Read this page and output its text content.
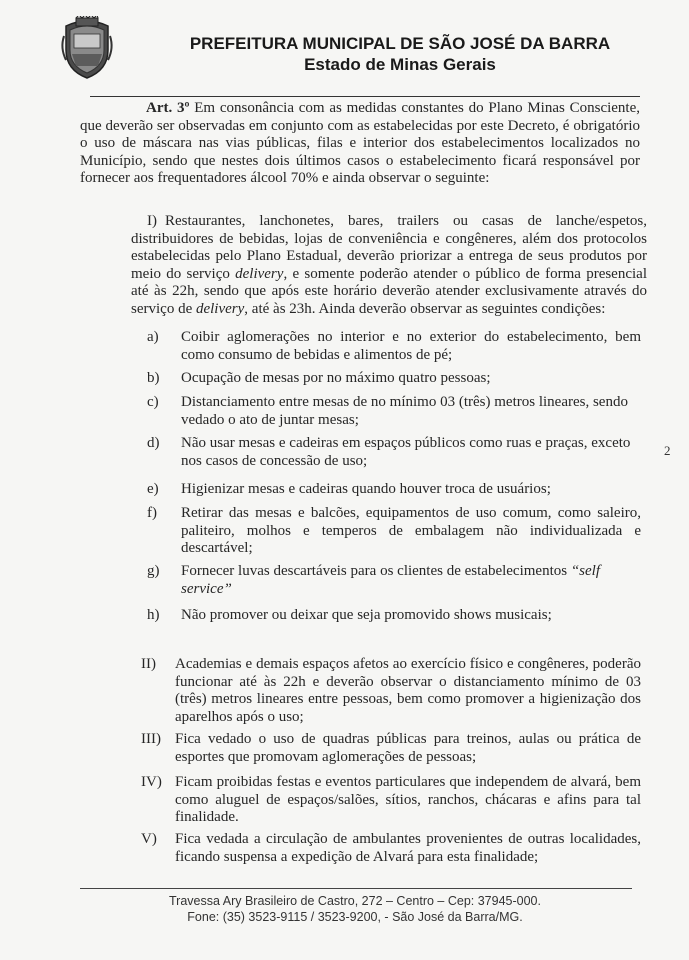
PREFEITURA MUNICIPAL DE SÃO JOSÉ DA BARRA
Estado de Minas Gerais
Art. 3º Em consonância com as medidas constantes do Plano Minas Consciente, que deverão ser observadas em conjunto com as estabelecidas por este Decreto, é obrigatório o uso de máscara nas vias públicas, filas e interior dos estabelecimentos localizados no Município, sendo que nestes dois últimos casos o estabelecimento ficará responsável por fornecer aos frequentadores álcool 70% e ainda observar o seguinte:
I) Restaurantes, lanchonetes, bares, trailers ou casas de lanche/espetos, distribuidores de bebidas, lojas de conveniência e congêneres, além dos protocolos estabelecidas pelo Plano Estadual, deverão priorizar a entrega de seus produtos por meio do serviço delivery, e somente poderão atender o público de forma presencial até às 22h, sendo que após este horário deverão atender exclusivamente através do serviço de delivery, até às 23h. Ainda deverão observar as seguintes condições:
a) Coibir aglomerações no interior e no exterior do estabelecimento, bem como consumo de bebidas e alimentos de pé;
b) Ocupação de mesas por no máximo quatro pessoas;
c) Distanciamento entre mesas de no mínimo 03 (três) metros lineares, sendo vedado o ato de juntar mesas;
d) Não usar mesas e cadeiras em espaços públicos como ruas e praças, exceto nos casos de concessão de uso;
e) Higienizar mesas e cadeiras quando houver troca de usuários;
f) Retirar das mesas e balcões, equipamentos de uso comum, como saleiro, paliteiro, molhos e temperos de embalagem não individualizada e descartável;
g) Fornecer luvas descartáveis para os clientes de estabelecimentos “self service”
h) Não promover ou deixar que seja promovido shows musicais;
2
II) Academias e demais espaços afetos ao exercício físico e congêneres, poderão funcionar até às 22h e deverão observar o distanciamento mínimo de 03 (três) metros lineares entre pessoas, bem como promover a higienização dos aparelhos após o uso;
III) Fica vedado o uso de quadras públicas para treinos, aulas ou prática de esportes que promovam aglomerações de pessoas;
IV) Ficam proibidas festas e eventos particulares que independem de alvará, bem como aluguel de espaços/salões, sítios, ranchos, chácaras e afins para tal finalidade.
V) Fica vedada a circulação de ambulantes provenientes de outras localidades, ficando suspensa a expedição de Alvará para esta finalidade;
Travessa Ary Brasileiro de Castro, 272 – Centro – Cep: 37945-000.
Fone: (35) 3523-9115 / 3523-9200, - São José da Barra/MG.
